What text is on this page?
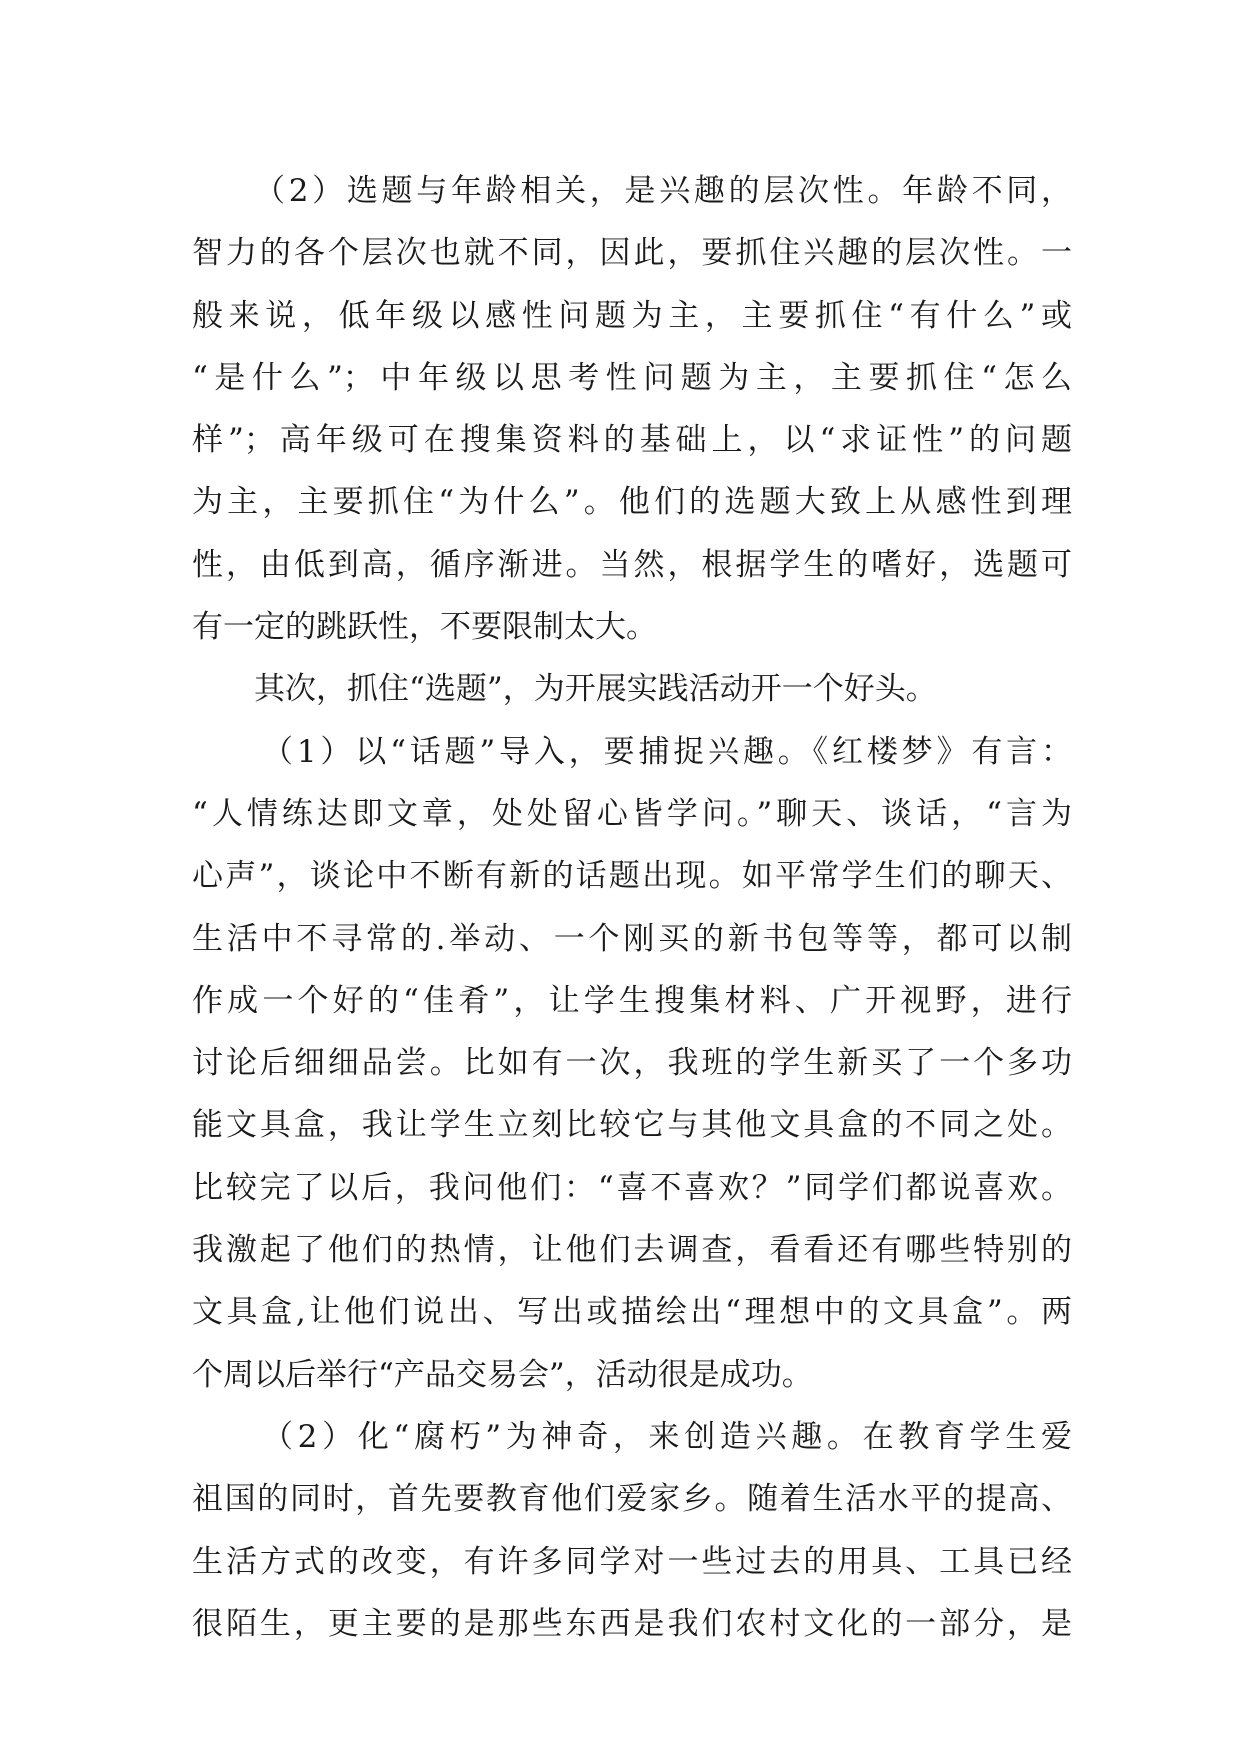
（2）选题与年龄相关，是兴趣的层次性。年龄不同，
智力的各个层次也就不同，因此，要抓住兴趣的层次性。一
般来说，低年级以感性问题为主，主要抓住“有什么”或
“是什么”；中年级以思考性问题为主，主要抓住“怎么
样”；高年级可在搜集资料的基础上，以“求证性”的问题
为主，主要抓住“为什么”。他们的选题大致上从感性到理
性，由低到高，循序渐进。当然，根据学生的嗜好，选题可
有一定的跳跃性，不要限制太大。
其次，抓住“选题”，为开展实践活动开一个好头。
（1）以“话题”导入，要捕捉兴趣。《红楼梦》有言：
“人情练达即文章，处处留心皆学问。”聊天、谈话，“言为
心声”，谈论中不断有新的话题出现。如平常学生们的聊天、
生活中不寻常的.举动、一个刚买的新书包等等，都可以制
作成一个好的“佳肴”，让学生搜集材料、广开视野，进行
讨论后细细品尝。比如有一次，我班的学生新买了一个多功
能文具盒，我让学生立刻比较它与其他文具盒的不同之处。
比较完了以后，我问他们：“喜不喜欢？”同学们都说喜欢。
我激起了他们的热情，让他们去调查，看看还有哪些特别的
文具盒,让他们说出、写出或描绘出“理想中的文具盒”。两
个周以后举行“产品交易会”，活动很是成功。
（2）化“腐朽”为神奇，来创造兴趣。在教育学生爱
祖国的同时，首先要教育他们爱家乡。随着生活水平的提高、
生活方式的改变，有许多同学对一些过去的用具、工具已经
很陌生，更主要的是那些东西是我们农村文化的一部分，是
